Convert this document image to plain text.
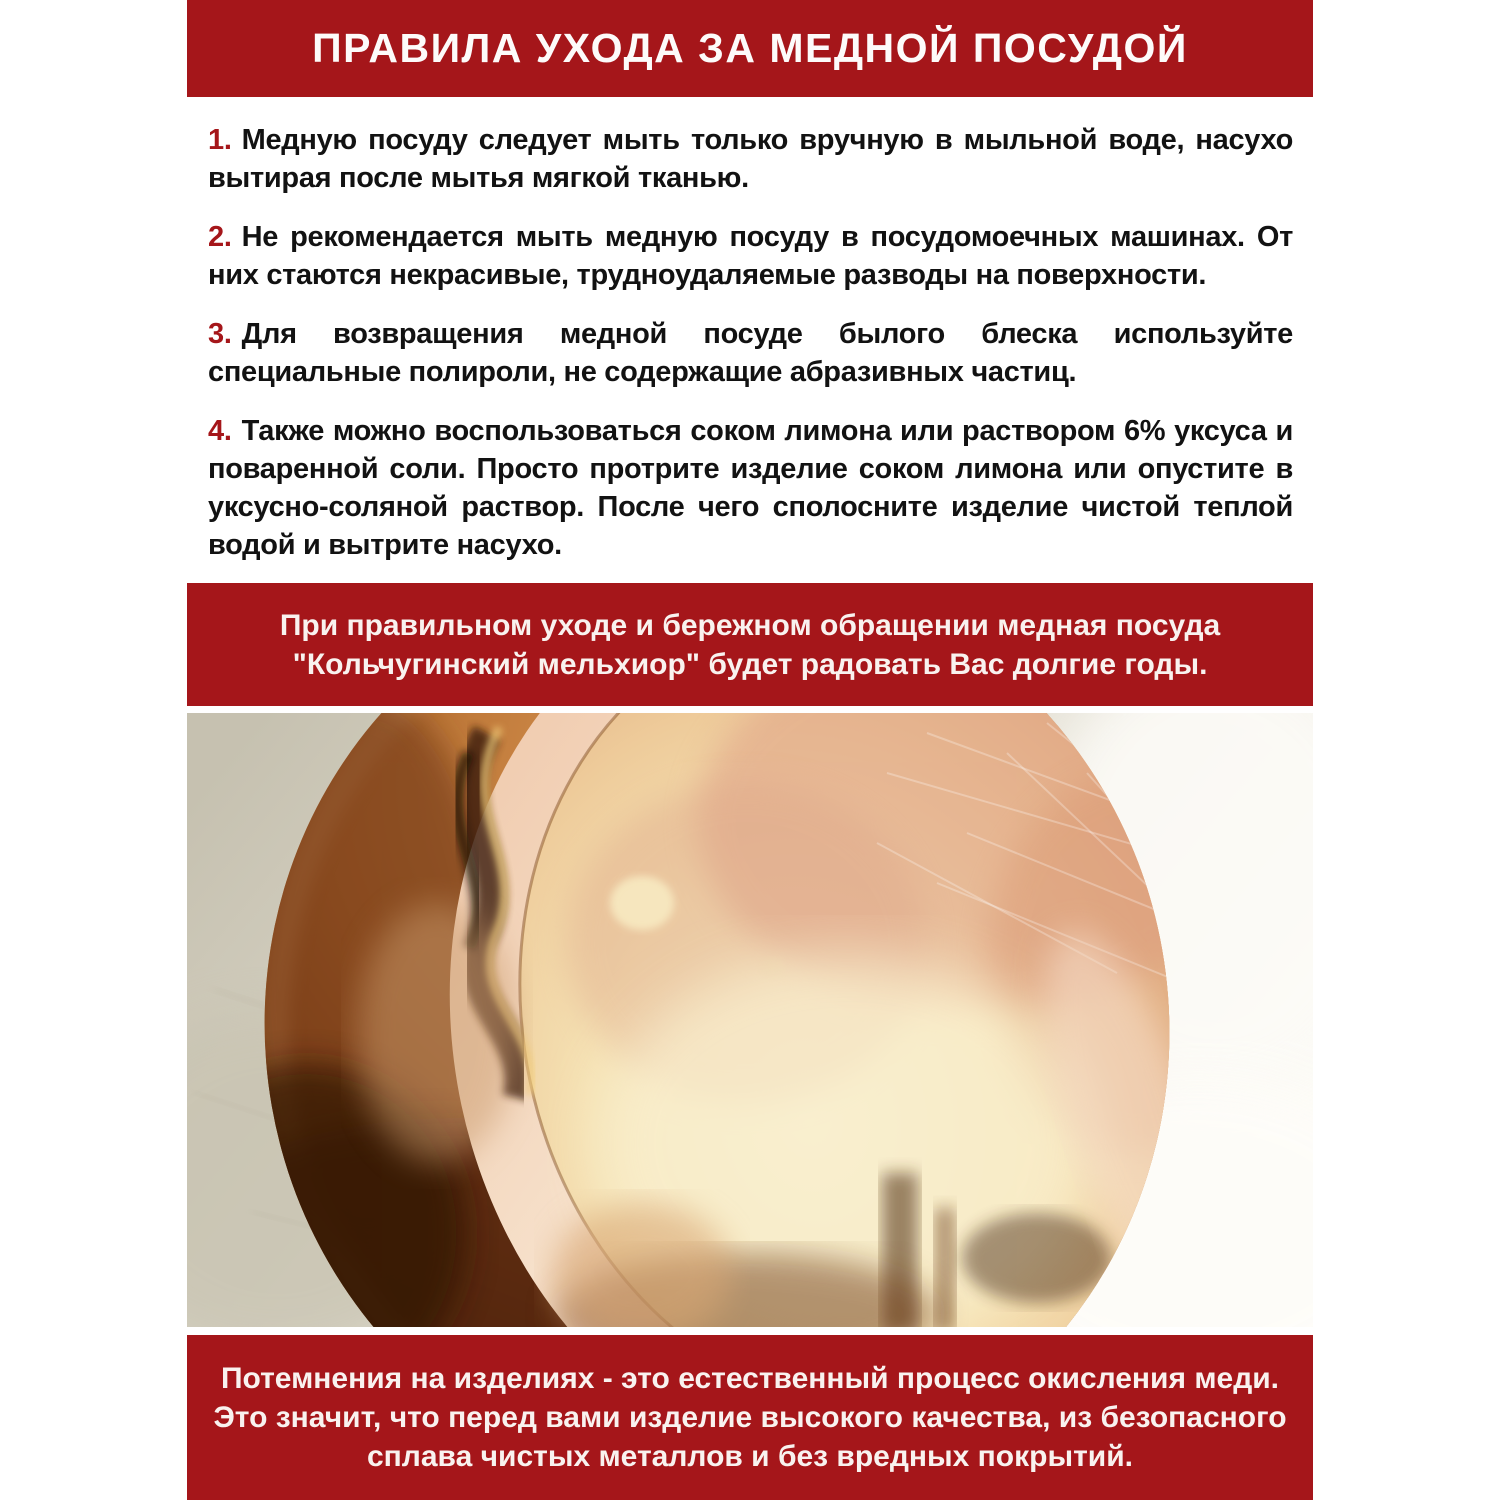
ПРАВИЛА УХОДА ЗА МЕДНОЙ ПОСУДОЙ

1. Медную посуду следует мыть только вручную в мыльной воде, насухо вытирая после мытья мягкой тканью.

2. Не рекомендается мыть медную посуду в посудомоечных машинах. От них стаются некрасивые, трудноудаляемые разводы на поверхности.

3. Для возвращения медной посуде былого блеска используйте специальные полироли, не содержащие абразивных частиц.

4. Также можно воспользоваться соком лимона или раствором 6% уксуса и поваренной соли. Просто протрите изделие соком лимона или опустите в уксусно-соляной раствор. После чего сполосните изделие чистой теплой водой и вытрите насухо.

При правильном уходе и бережном обращении медная посуда
"Кольчугинский мельхиор" будет радовать Вас долгие годы.
Потемнения на изделиях - это естественный процесс окисления меди.
Это значит, что перед вами изделие высокого качества, из безопасного
сплава чистых металлов и без вредных покрытий.
